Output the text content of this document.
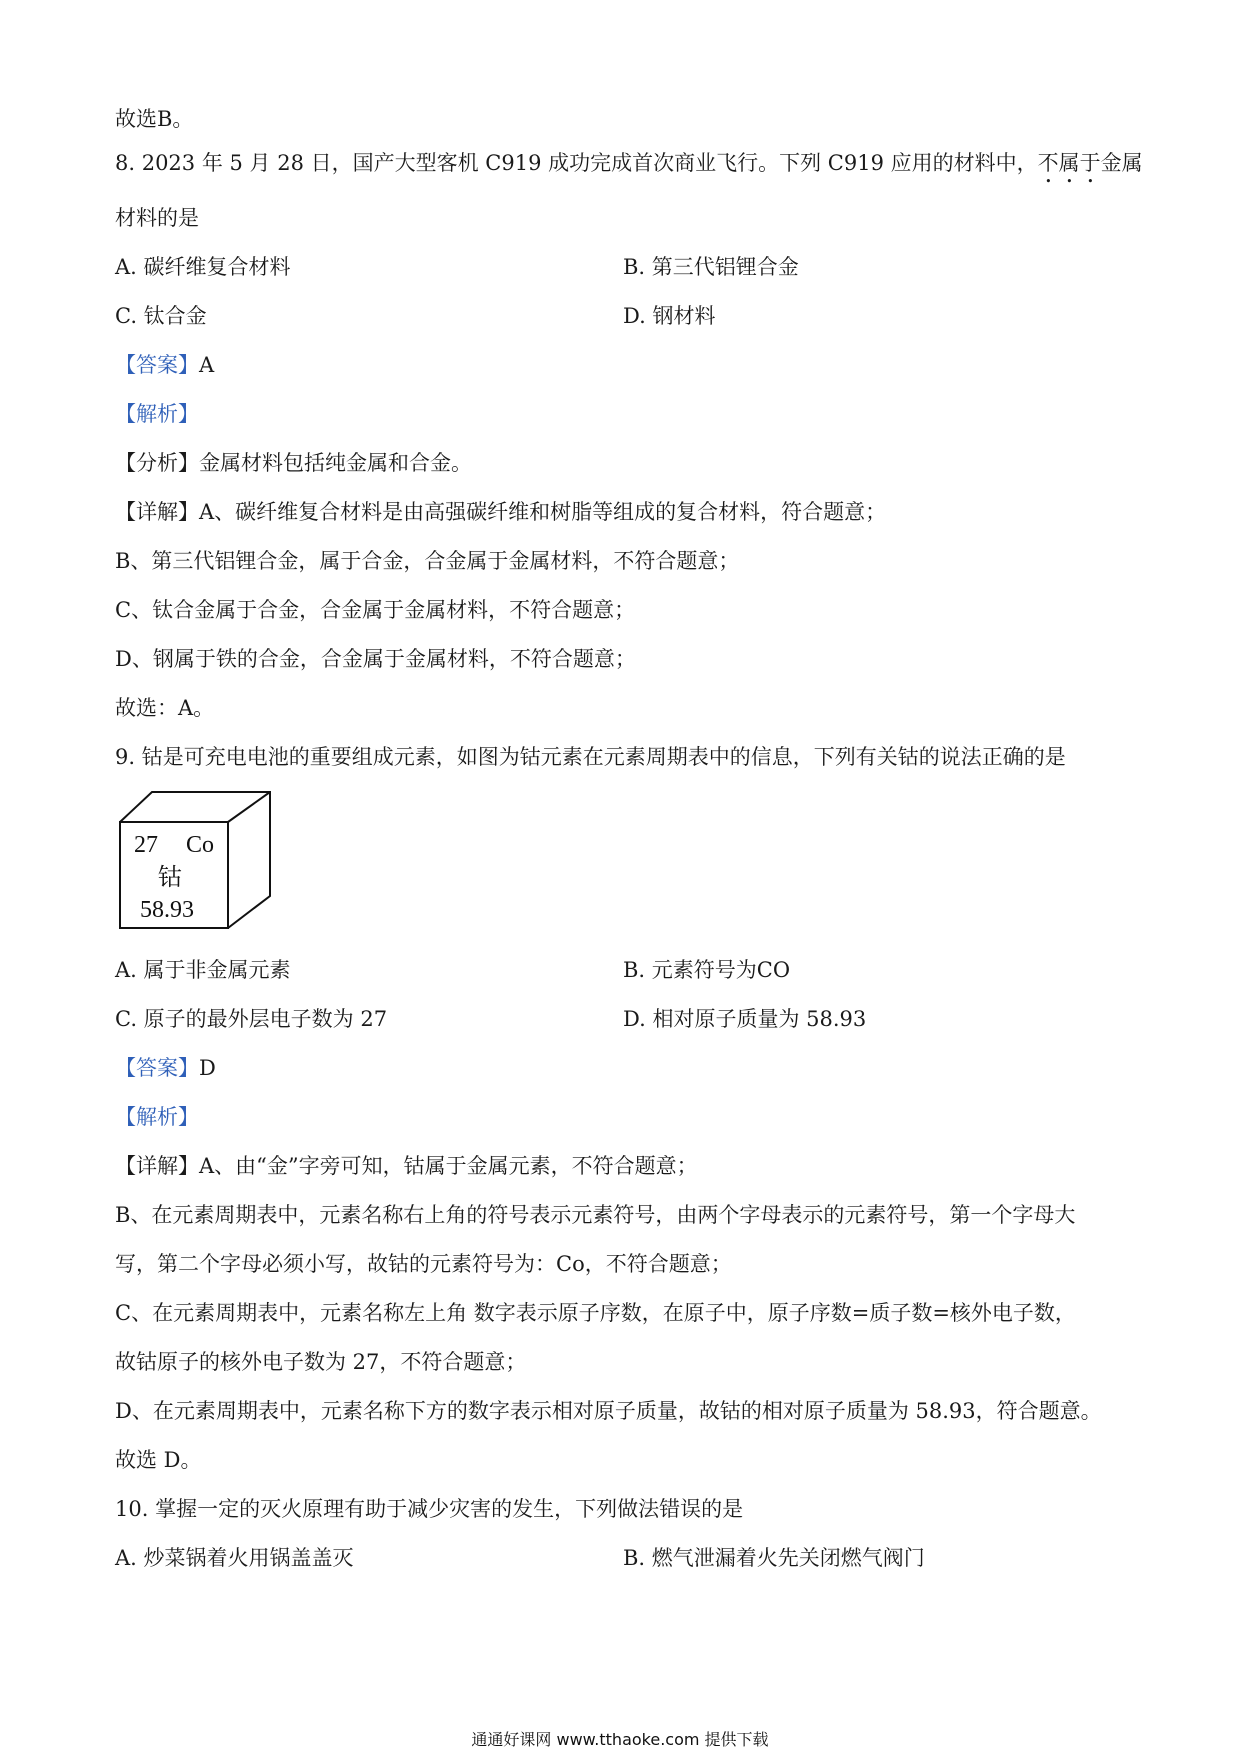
故选B。
8. 2023 年 5 月 28 日，国产大型客机 C919 成功完成首次商业飞行。下列 C919 应用的材料中，不属于金属
材料的是
A. 碳纤维复合材料	B. 第三代铝锂合金
C. 钛合金	D. 钢材料
【答案】A
【解析】
【分析】金属材料包括纯金属和合金。
【详解】A、碳纤维复合材料是由高强碳纤维和树脂等组成的复合材料，符合题意；
B、第三代铝锂合金，属于合金，合金属于金属材料，不符合题意；
C、钛合金属于合金，合金属于金属材料，不符合题意；
D、钢属于铁的合金，合金属于金属材料，不符合题意；
故选：A。
9. 钴是可充电电池的重要组成元素，如图为钴元素在元素周期表中的信息，下列有关钴的说法正确的是
27 Co
钴
58.93
A. 属于非金属元素	B. 元素符号为CO
C. 原子的最外层电子数为 27	D. 相对原子质量为 58.93
【答案】D
【解析】
【详解】A、由“金”字旁可知，钴属于金属元素，不符合题意；
B、在元素周期表中，元素名称右上角的符号表示元素符号，由两个字母表示的元素符号，第一个字母大
写，第二个字母必须小写，故钴的元素符号为：Co，不符合题意；
C、在元素周期表中，元素名称左上角 数字表示原子序数，在原子中，原子序数=质子数=核外电子数，
故钴原子的核外电子数为 27，不符合题意；
D、在元素周期表中，元素名称下方的数字表示相对原子质量，故钴的相对原子质量为 58.93，符合题意。
故选 D。
10. 掌握一定的灭火原理有助于减少灾害的发生，下列做法错误的是
A. 炒菜锅着火用锅盖盖灭	B. 燃气泄漏着火先关闭燃气阀门
通通好课网 www.tthaoke.com 提供下载
